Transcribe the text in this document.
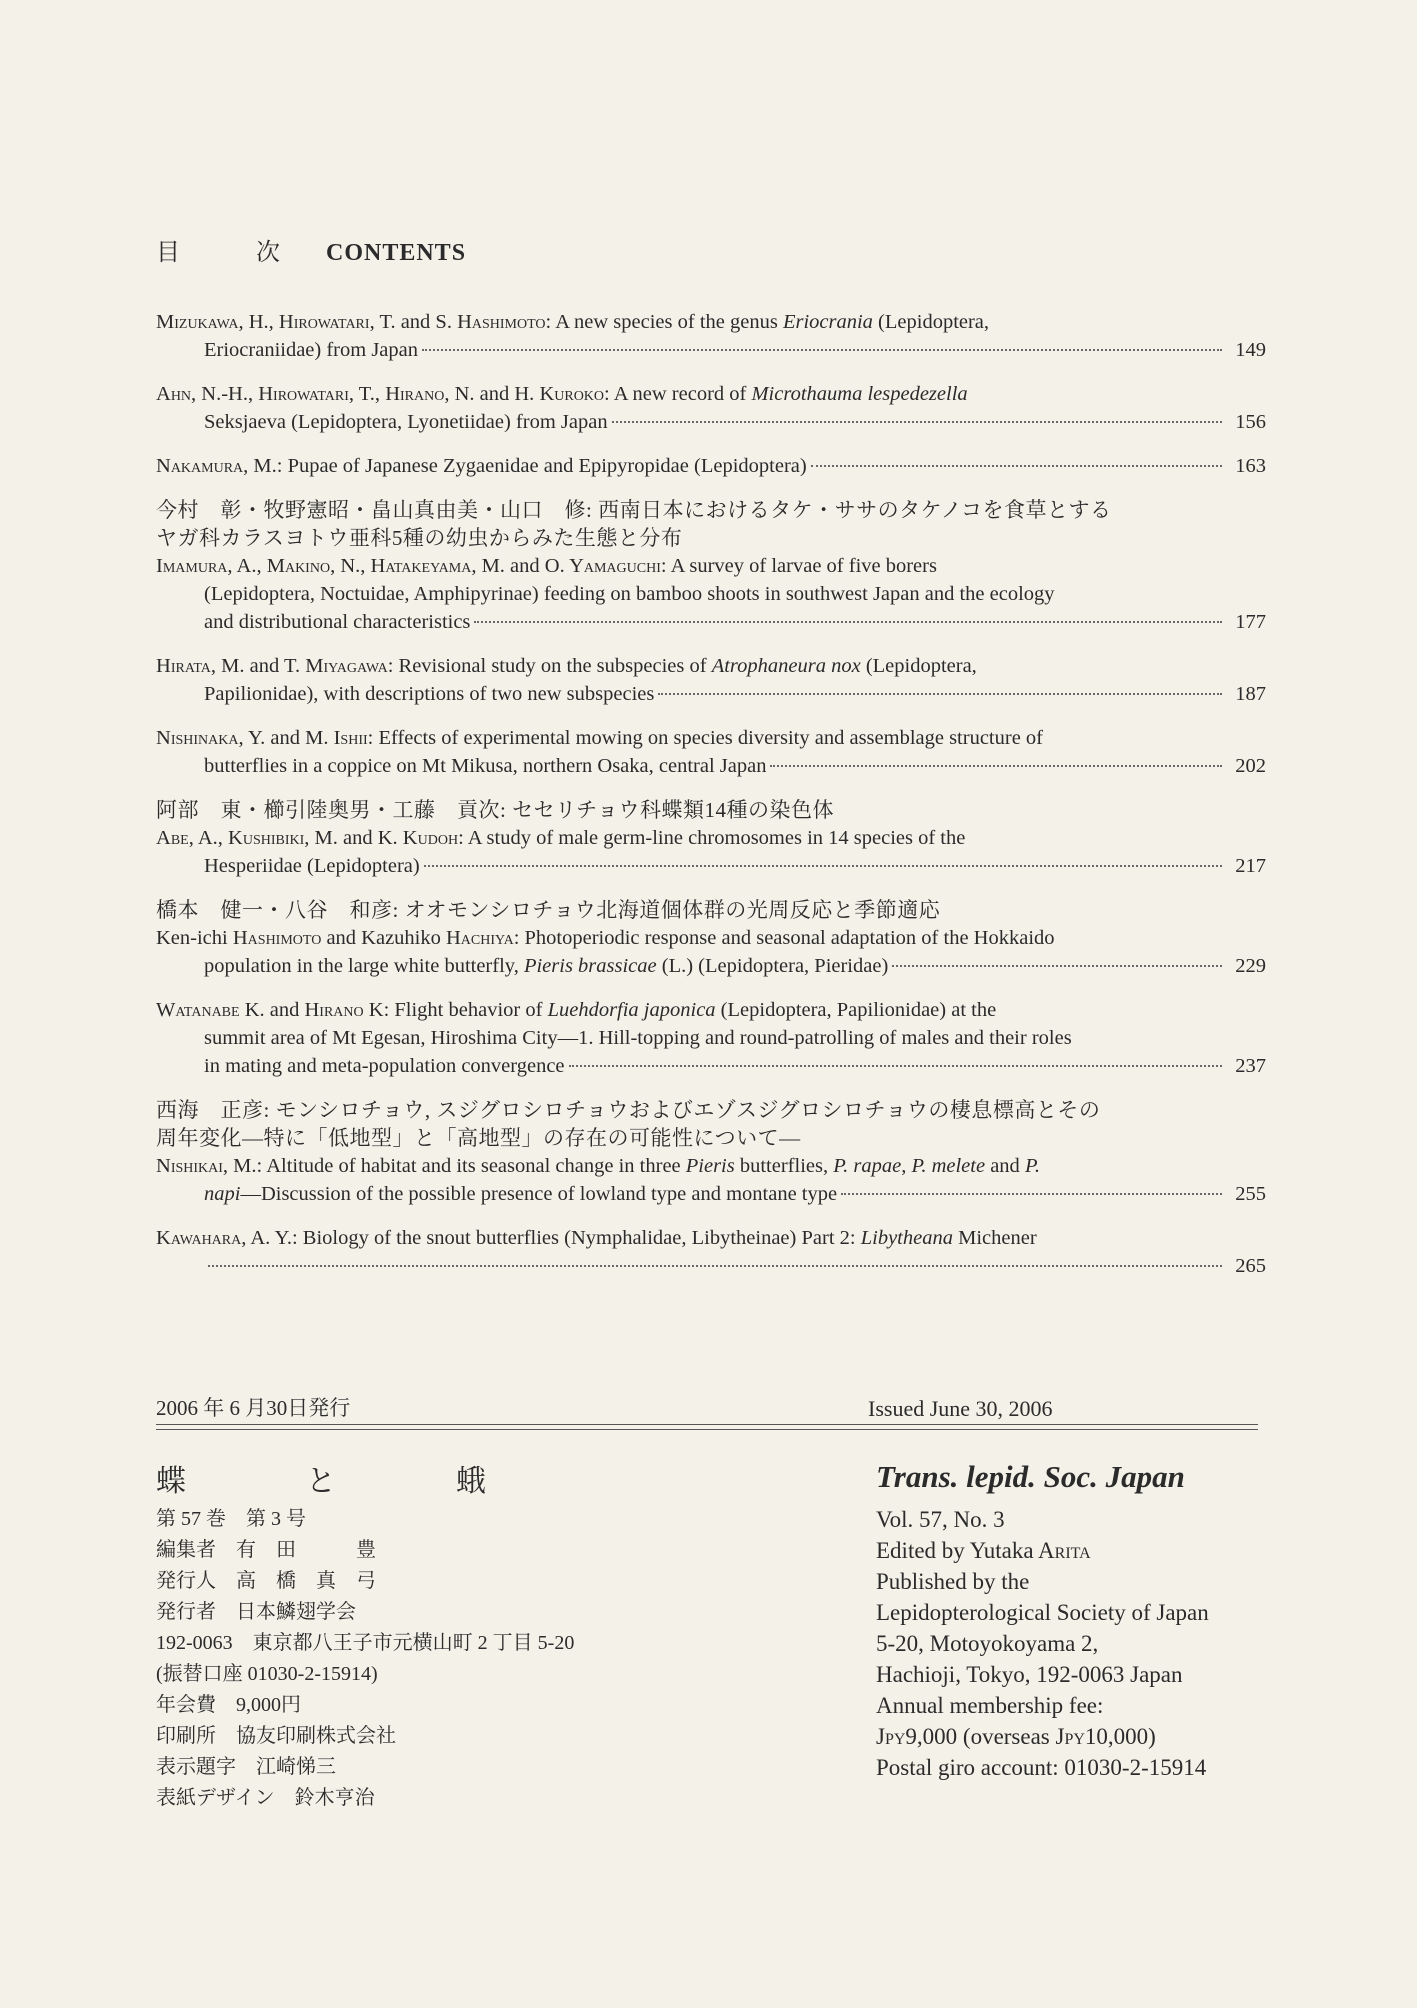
目	次 CONTENTS
Mizukawa, H., Hirowatari, T. and S. Hashimoto: A new species of the genus Eriocrania (Lepidoptera,
Eriocraniidae) from Japan	149
Ahn, N.-H., Hirowatari, T., Hirano, N. and H. Kuroko: A new record of Microthauma lespedezella
Seksjaeva (Lepidoptera, Lyonetiidae) from Japan	156
Nakamura, M.: Pupae of Japanese Zygaenidae and Epipyropidae (Lepidoptera)	163

今村　彰・牧野憲昭・畠山真由美・山口　修: 西南日本におけるタケ・ササのタケノコを食草とする

ヤガ科カラスヨトウ亜科5種の幼虫からみた生態と分布

Imamura, A., Makino, N., Hatakeyama, M. and O. Yamaguchi: A survey of larvae of five borers
(Lepidoptera, Noctuidae, Amphipyrinae) feeding on bamboo shoots in southwest Japan and the ecology
and distributional characteristics	177
Hirata, M. and T. Miyagawa: Revisional study on the subspecies of Atrophaneura nox (Lepidoptera,
Papilionidae), with descriptions of two new subspecies	187
Nishinaka, Y. and M. Ishii: Effects of experimental mowing on species diversity and assemblage structure of
butterflies in a coppice on Mt Mikusa, northern Osaka, central Japan	202

阿部　東・櫛引陸奥男・工藤　貢次: セセリチョウ科蝶類14種の染色体

Abe, A., Kushibiki, M. and K. Kudoh: A study of male germ-line chromosomes in 14 species of the
Hesperiidae (Lepidoptera)	217

橋本　健一・八谷　和彦: オオモンシロチョウ北海道個体群の光周反応と季節適応

Ken-ichi Hashimoto and Kazuhiko Hachiya: Photoperiodic response and seasonal adaptation of the Hokkaido
population in the large white butterfly, Pieris brassicae (L.) (Lepidoptera, Pieridae)	229
Watanabe K. and Hirano K: Flight behavior of Luehdorfia japonica (Lepidoptera, Papilionidae) at the
summit area of Mt Egesan, Hiroshima City—1. Hill-topping and round-patrolling of males and their roles
in mating and meta-population convergence	237

西海　正彦: モンシロチョウ, スジグロシロチョウおよびエゾスジグロシロチョウの棲息標高とその

周年変化—特に「低地型」と「高地型」の存在の可能性について—

Nishikai, M.: Altitude of habitat and its seasonal change in three Pieris butterflies, P. rapae, P. melete and P.
napi—Discussion of the possible presence of lowland type and montane type	255
Kawahara, A. Y.: Biology of the snout butterflies (Nymphalidae, Libytheinae) Part 2: Libytheana Michener
265
2006 年 6 月30日発行	Issued June 30, 2006
蝶	と	蛾
第 57 巻　第 3 号
編集者　有　田　　　豊
発行人　高　橋　真　弓
発行者　日本鱗翅学会
192-0063　東京都八王子市元横山町 2 丁目 5-20
(振替口座 01030-2-15914)
年会費　9,000円
印刷所　協友印刷株式会社
表示題字　江崎悌三
表紙デザイン　鈴木亨治
Trans. lepid. Soc. Japan
Vol. 57, No. 3
Edited by Yutaka Arita
Published by the
Lepidopterological Society of Japan
5-20, Motoyokoyama 2,
Hachioji, Tokyo, 192-0063 Japan
Annual membership fee:
Jpy9,000 (overseas Jpy10,000)
Postal giro account: 01030-2-15914
